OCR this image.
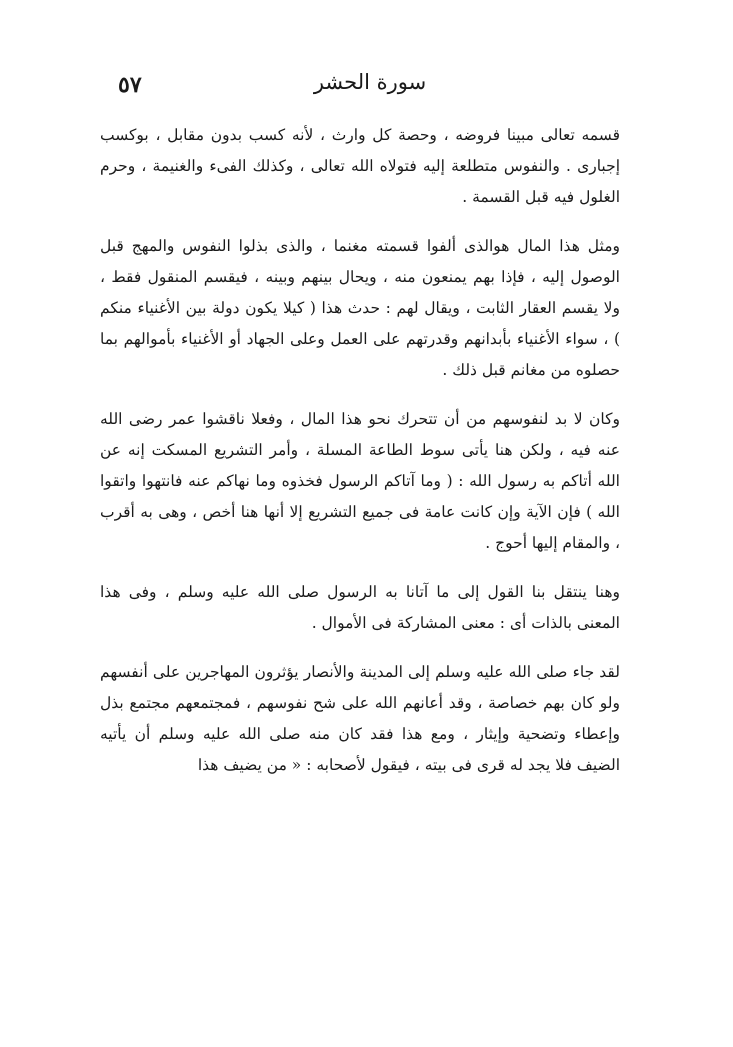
٥٧	سورة الحشر

قسمه تعالى مبينا فروضه ، وحصة كل وارث ، لأنه كسب بدون مقابل ، بوكسب إجبارى . والنفوس متطلعة إليه فتولاه الله تعالى ، وكذلك الفىء والغنيمة ، وحرم الغلول فيه قبل القسمة .

ومثل هذا المال هوالذى ألفوا قسمته مغنما ، والذى بذلوا النفوس والمهج قبل الوصول إليه ، فإذا بهم يمنعون منه ، ويحال بينهم وبينه ، فيقسم المنقول فقط ، ولا يقسم العقار الثابت ، ويقال لهم : حدث هذا ( كيلا يكون دولة بين الأغنياء منكم ) ، سواء الأغنياء بأبدانهم وقدرتهم على العمل وعلى الجهاد أو الأغنياء بأموالهم بما حصلوه من مغانم قبل ذلك .

وكان لا بد لنفوسهم من أن تتحرك نحو هذا المال ، وفعلا ناقشوا عمر رضى الله عنه فيه ، ولكن هنا يأتى سوط الطاعة المسلة ، وأمر التشريع المسكت إنه عن الله أتاكم به رسول الله : ( وما آتاكم الرسول فخذوه وما نهاكم عنه فانتهوا واتقوا الله ) فإن الآية وإن كانت عامة فى جميع التشريع إلا أنها هنا أخص ، وهى به أقرب ، والمقام إليها أحوج .

وهنا ينتقل بنا القول إلى ما آتانا به الرسول صلى الله عليه وسلم ، وفى هذا المعنى بالذات أى : معنى المشاركة فى الأموال .

لقد جاء صلى الله عليه وسلم إلى المدينة والأنصار يؤثرون المهاجرين على أنفسهم ولو كان بهم خصاصة ، وقد أعانهم الله على شح نفوسهم ، فمجتمعهم مجتمع بذل وإعطاء وتضحية وإيثار ، ومع هذا فقد كان منه صلى الله عليه وسلم أن يأتيه الضيف فلا يجد له قرى فى بيته ، فيقول لأصحابه : « من يضيف هذا
